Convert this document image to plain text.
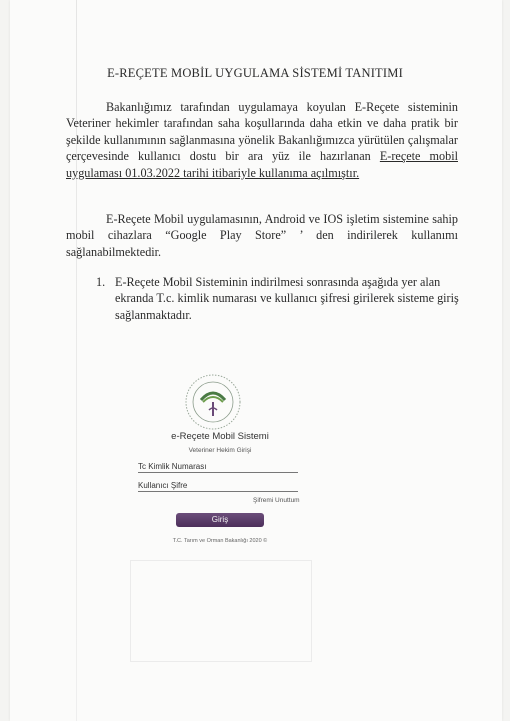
E-REÇETE MOBİL UYGULAMA SİSTEMİ TANITIMI
Bakanlığımız tarafından uygulamaya koyulan E-Reçete sisteminin Veteriner hekimler tarafından saha koşullarında daha etkin ve daha pratik bir şekilde kullanımının sağlanmasına yönelik Bakanlığımızca yürütülen çalışmalar çerçevesinde kullanıcı dostu bir ara yüz ile hazırlanan E-reçete mobil uygulaması 01.03.2022 tarihi itibariyle kullanıma açılmıştır.
E-Reçete Mobil uygulamasının, Android ve IOS işletim sistemine sahip mobil cihazlara “Google Play Store” ’ den indirilerek kullanımı sağlanabilmektedir.
1. E-Reçete Mobil Sisteminin indirilmesi sonrasında aşağıda yer alan ekranda T.c. kimlik numarası ve kullanıcı şifresi girilerek sisteme giriş sağlanmaktadır.
e-Reçete Mobil Sistemi
Veteriner Hekim Girişi
Tc Kimlik Numarası
Kullanıcı Şifre
Şifremi Unuttum
Giriş
T.C. Tarım ve Orman Bakanlığı 2020 ©
